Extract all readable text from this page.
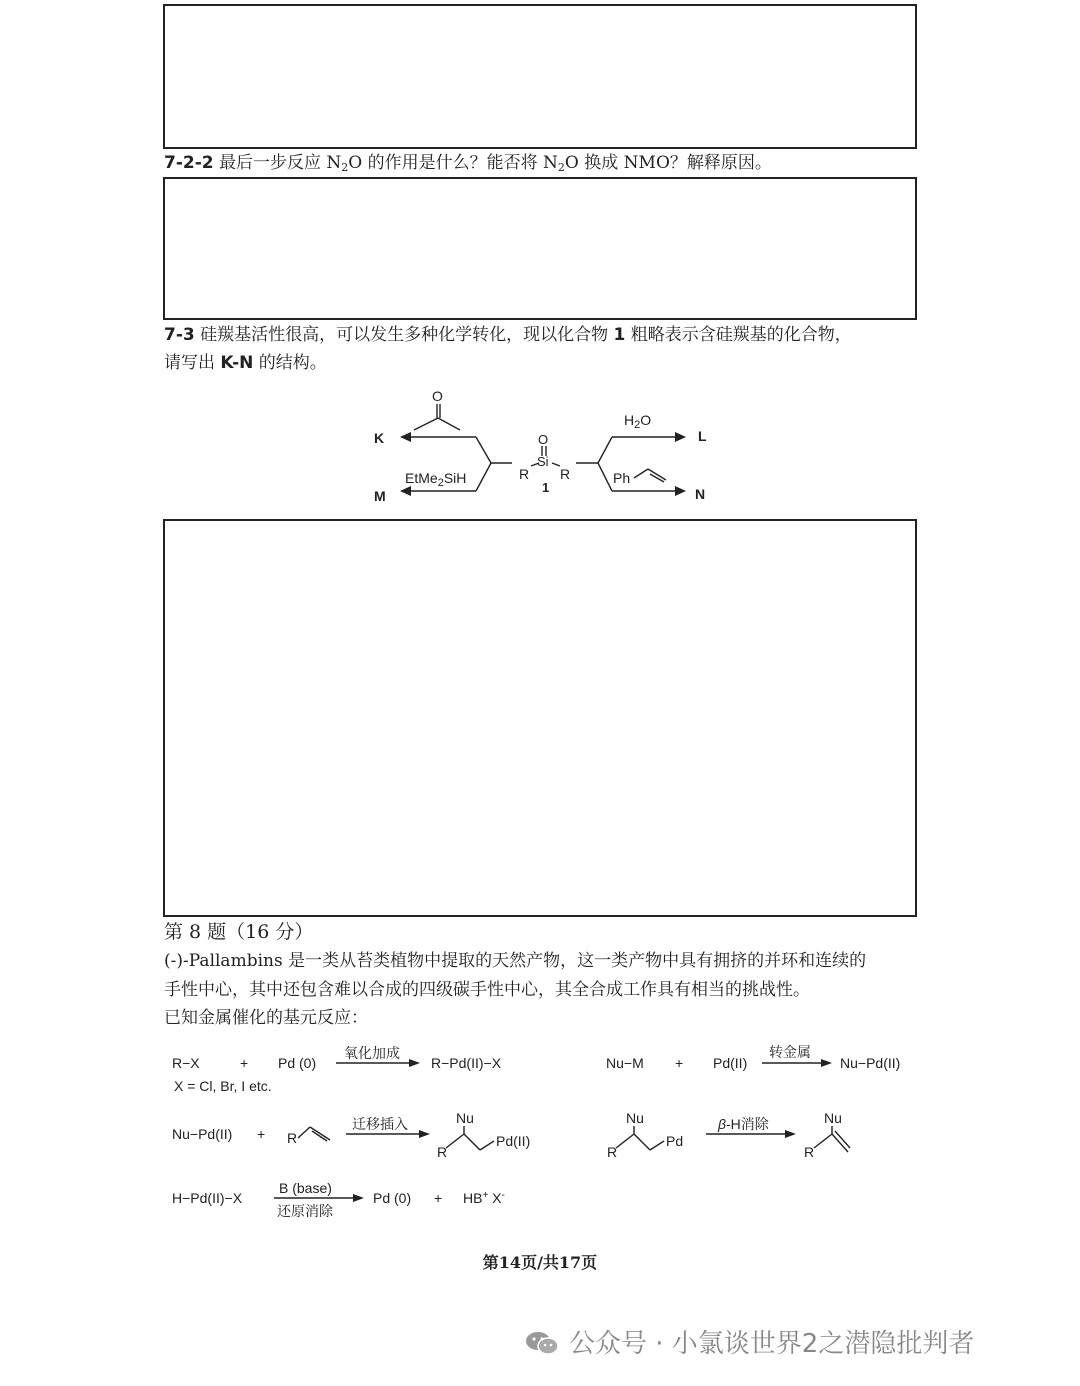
7-2-2 最后一步反应 $N_2O$ 的作用是什么？能否将 $N_2O$ 换成 NMO？解释原因。
7-3 硅羰基活性很高，可以发生多种化学转化，现以化合物 1 粗略表示含硅羰基的化合物，
请写出 K-N 的结构。
O
O
Si
R R
1
K
M
L
N
$H_2O$
EtMe$_2$SiH	Ph
第 8 题（16 分）
(-)-Pallambins 是一类从苔类植物中提取的天然产物，这一类产物中具有拥挤的并环和连续的
手性中心，其中还包含难以合成的四级碳手性中心，其全合成工作具有相当的挑战性。
已知金属催化的基元反应：
R−X	+ Pd (0)
氧化加成
R−Pd(II)−X
X = Cl, Br, I etc.
Nu−M + Pd(II)
转金属
Nu−Pd(II)
Nu−Pd(II) + R
迁移插入	Nu
Pd(II)
R
Nu
Pd
R
β-H消除	Nu
R
H−Pd(II)−X
B (base)
还原消除
Pd (0) + HB+ X-
第14页/共17页
公众号 · 小氯谈世界2之潜隐批判者
